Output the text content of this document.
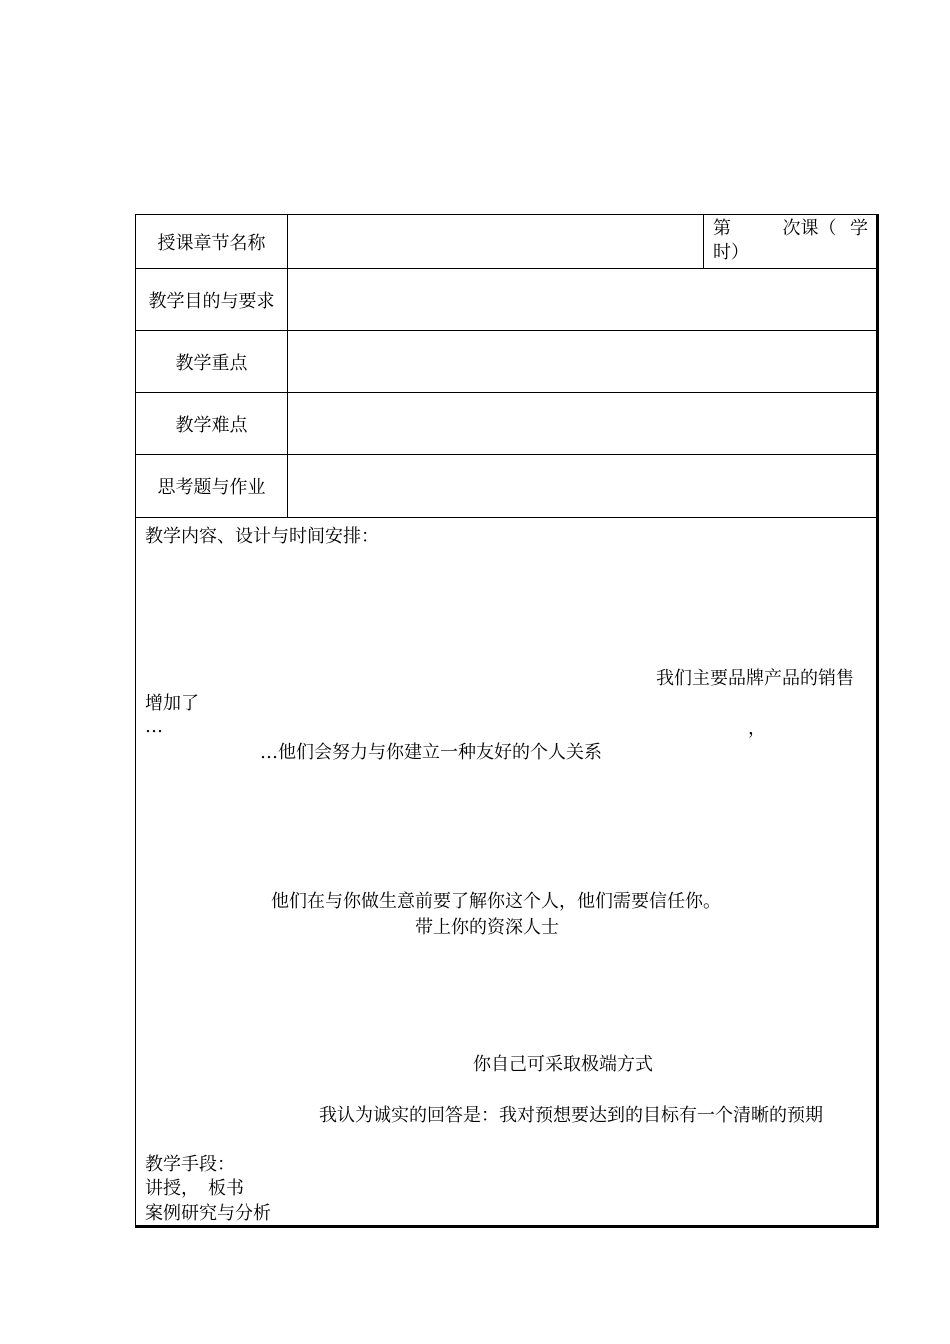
授课章节名称
第	次课（ 学
时）
教学目的与要求
教学重点
教学难点
思考题与作业
教学内容、设计与时间安排：
我们主要品牌产品的销售
增加了
…	，
…他们会努力与你建立一种友好的个人关系
他们在与你做生意前要了解你这个人，他们需要信任你。
带上你的资深人士
你自己可采取极端方式
我认为诚实的回答是：我对预想要达到的目标有一个清晰的预期
教学手段：
讲授，　板书
案例研究与分析
